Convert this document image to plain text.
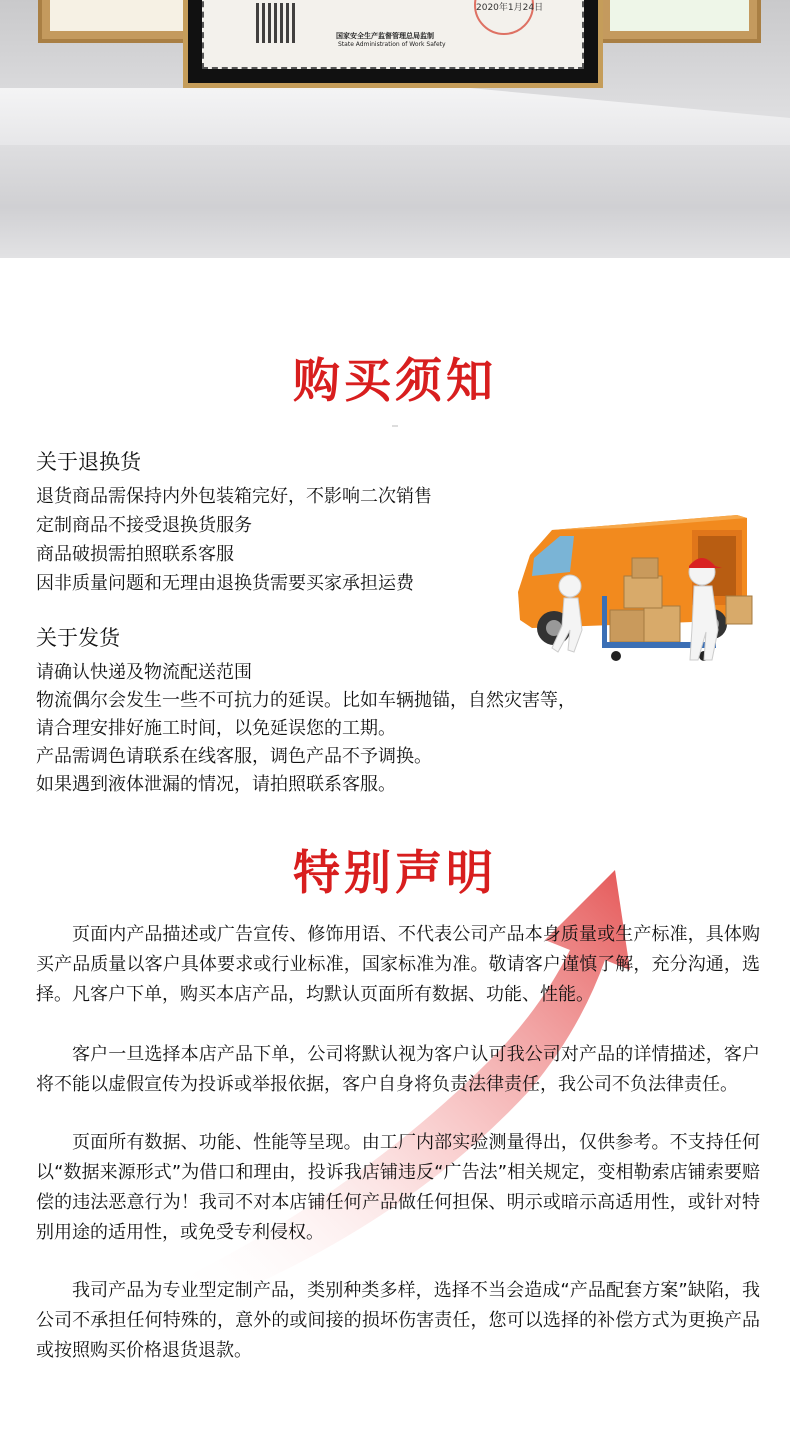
2020年1月24日
国家安全生产监督管理总局监制
State Administration of Work Safety
购买须知
关于退换货
退货商品需保持内外包装箱完好，不影响二次销售
定制商品不接受退换货服务
商品破损需拍照联系客服
因非质量问题和无理由退换货需要买家承担运费
关于发货
请确认快递及物流配送范围
物流偶尔会发生一些不可抗力的延误。比如车辆抛锚，自然灾害等，
请合理安排好施工时间，以免延误您的工期。
产品需调色请联系在线客服，调色产品不予调换。
如果遇到液体泄漏的情况，请拍照联系客服。
特别声明
页面内产品描述或广告宣传、修饰用语、不代表公司产品本身质量或生产标准，具体购买产品质量以客户具体要求或行业标准，国家标准为准。敬请客户谨慎了解，充分沟通，选择。凡客户下单，购买本店产品，均默认页面所有数据、功能、性能。
客户一旦选择本店产品下单，公司将默认视为客户认可我公司对产品的详情描述，客户将不能以虚假宣传为投诉或举报依据，客户自身将负责法律责任，我公司不负法律责任。
页面所有数据、功能、性能等呈现。由工厂内部实验测量得出，仅供参考。不支持任何以“数据来源形式”为借口和理由，投诉我店铺违反“广告法”相关规定，变相勒索店铺索要赔偿的违法恶意行为！我司不对本店铺任何产品做任何担保、明示或暗示高适用性，或针对特别用途的适用性，或免受专利侵权。
我司产品为专业型定制产品，类别种类多样，选择不当会造成“产品配套方案”缺陷，我公司不承担任何特殊的，意外的或间接的损坏伤害责任，您可以选择的补偿方式为更换产品或按照购买价格退货退款。
